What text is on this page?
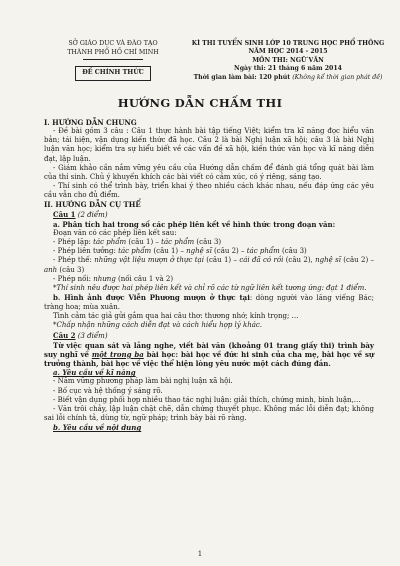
SỞ GIÁO DỤC VÀ ĐÀO TẠO
THÀNH PHỐ HỒ CHÍ MINH
ĐỀ CHÍNH THỨC
KÌ THI TUYỂN SINH LỚP 10 TRUNG HỌC PHỔ THÔNG
NĂM HỌC 2014 - 2015
MÔN THI: NGỮ VĂN
Ngày thi: 21 tháng 6 năm 2014
Thời gian làm bài: 120 phút (Không kể thời gian phát đề)
HƯỚNG DẪN CHẤM THI

I. HƯỚNG DẪN CHUNG

- Đề bài gồm 3 câu : Câu 1 thực hành bài tập tiếng Việt; kiểm tra kĩ năng đọc hiểu văn bản; tái hiện, vận dụng kiến thức đã học. Câu 2 là bài Nghị luận xã hội; câu 3 là bài Nghị luận văn học; kiểm tra sự hiểu biết về các vấn đề xã hội, kiến thức văn học và kĩ năng diễn đạt, lập luận.

- Giám khảo cần nắm vững yêu cầu của Hướng dẫn chấm để đánh giá tổng quát bài làm của thí sinh. Chủ ý khuyến khích các bài viết có cảm xúc, có ý riêng, sáng tạo.

- Thí sinh có thể trình bày, triển khai ý theo nhiều cách khác nhau, nếu đáp ứng các yêu cầu vẫn cho đủ điểm.

II. HƯỚNG DẪN CỤ THỂ

Câu 1 (2 điểm)

a. Phân tích hai trong số các phép liên kết về hình thức trong đoạn văn:

Đoạn văn có các phép liên kết sau:

- Phép lặp: tác phẩm (câu 1) – tác phẩm (câu 3)

- Phép liên tưởng: tác phẩm (câu 1) – nghệ sĩ (câu 2) – tác phẩm (câu 3)

- Phép thế: những vật liệu mượn ở thực tại (câu 1) – cái đã có rồi (câu 2), nghệ sĩ (câu 2) – anh (câu 3)

- Phép nối: nhưng (nối câu 1 và 2)

*Thí sinh nêu được hai phép liên kết và chỉ rõ các từ ngữ liên kết tương ứng: đạt 1 điểm.

b. Hình ảnh được Viễn Phương mượn ở thực tại: dòng người vào lăng viếng Bác; tràng hoa; mùa xuân.

Tình cảm tác giả gửi gắm qua hai câu thơ: thương nhớ; kính trọng; …

*Chấp nhận những cách diễn đạt và cách hiểu hợp lý khác.

Câu 2 (3 điểm)

Từ việc quan sát và lắng nghe, viết bài văn (khoảng 01 trang giấy thi) trình bày suy nghĩ về một trong ba bài học: bài học về đức hi sinh của cha mẹ, bài học về sự trưởng thành, bài học về việc thể hiện lòng yêu nước một cách đúng đắn.

a. Yêu cầu về kĩ năng

- Nắm vững phương pháp làm bài nghị luận xã hội.

- Bố cục và hệ thống ý sáng rõ.

- Biết vận dụng phối hợp nhiều thao tác nghị luận: giải thích, chứng minh, bình luận,…

- Văn trôi chảy, lập luận chặt chẽ, dẫn chứng thuyết phục. Không mắc lỗi diễn đạt; không sai lỗi chính tả, dùng từ, ngữ pháp; trình bày bài rõ ràng.

b. Yêu cầu về nội dung

1
